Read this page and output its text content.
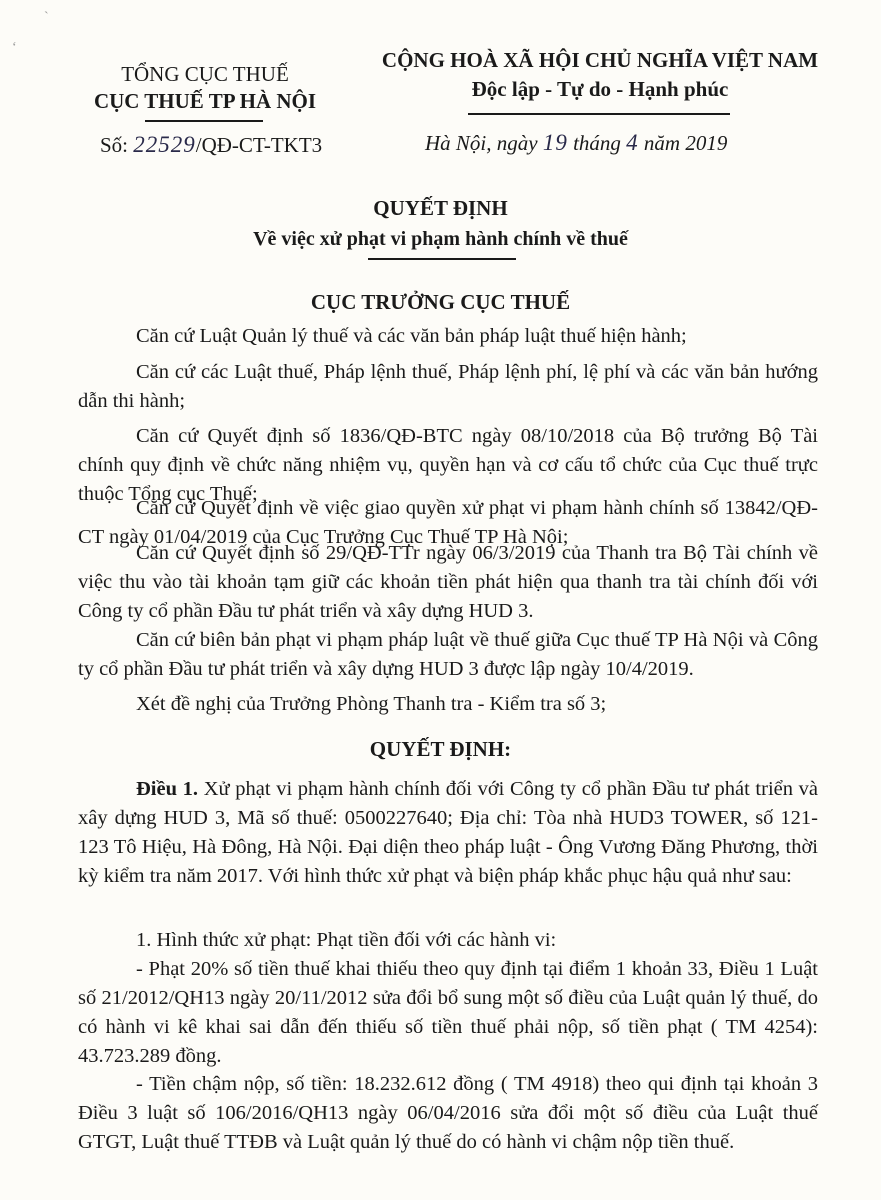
‘
`
TỔNG CỤC THUẾ
CỤC THUẾ TP HÀ NỘI
Số: 22529/QĐ-CT-TKT3
CỘNG HOÀ XÃ HỘI CHỦ NGHĨA VIỆT NAM
Độc lập - Tự do - Hạnh phúc
Hà Nội, ngày 19 tháng 4 năm 2019
QUYẾT ĐỊNH
Về việc xử phạt vi phạm hành chính về thuế
CỤC TRƯỞNG CỤC THUẾ
Căn cứ Luật Quản lý thuế và các văn bản pháp luật thuế hiện hành;
Căn cứ các Luật thuế, Pháp lệnh thuế, Pháp lệnh phí, lệ phí và các văn bản hướng dẫn thi hành;
Căn cứ Quyết định số 1836/QĐ-BTC ngày 08/10/2018 của Bộ trưởng Bộ Tài chính quy định về chức năng nhiệm vụ, quyền hạn và cơ cấu tổ chức của Cục thuế trực thuộc Tổng cục Thuế;
Căn cứ Quyết định về việc giao quyền xử phạt vi phạm hành chính số 13842/QĐ-CT ngày 01/04/2019 của Cục Trưởng Cục Thuế TP Hà Nội;
Căn cứ Quyết định số 29/QĐ-TTr ngày 06/3/2019 của Thanh tra Bộ Tài chính về việc thu vào tài khoản tạm giữ các khoản tiền phát hiện qua thanh tra tài chính đối với Công ty cổ phần Đầu tư phát triển và xây dựng HUD 3.
Căn cứ biên bản phạt vi phạm pháp luật về thuế giữa Cục thuế TP Hà Nội và Công ty cổ phần Đầu tư phát triển và xây dựng HUD 3 được lập ngày 10/4/2019.
Xét đề nghị của Trưởng Phòng Thanh tra - Kiểm tra số 3;
QUYẾT ĐỊNH:
Điều 1. Xử phạt vi phạm hành chính đối với Công ty cổ phần Đầu tư phát triển và xây dựng HUD 3, Mã số thuế: 0500227640; Địa chỉ: Tòa nhà HUD3 TOWER, số 121- 123 Tô Hiệu, Hà Đông, Hà Nội. Đại diện theo pháp luật - Ông Vương Đăng Phương, thời kỳ kiểm tra năm 2017. Với hình thức xử phạt và biện pháp khắc phục hậu quả như sau:
1. Hình thức xử phạt: Phạt tiền đối với các hành vi:
- Phạt 20% số tiền thuế khai thiếu theo quy định tại điểm 1 khoản 33, Điều 1 Luật số 21/2012/QH13 ngày 20/11/2012 sửa đổi bổ sung một số điều của Luật quản lý thuế, do có hành vi kê khai sai dẫn đến thiếu số tiền thuế phải nộp, số tiền phạt ( TM 4254): 43.723.289 đồng.
- Tiền chậm nộp, số tiền: 18.232.612 đồng ( TM 4918) theo qui định tại khoản 3 Điều 3 luật số 106/2016/QH13 ngày 06/04/2016 sửa đổi một số điều của Luật thuế GTGT, Luật thuế TTĐB và Luật quản lý thuế do có hành vi chậm nộp tiền thuế.
